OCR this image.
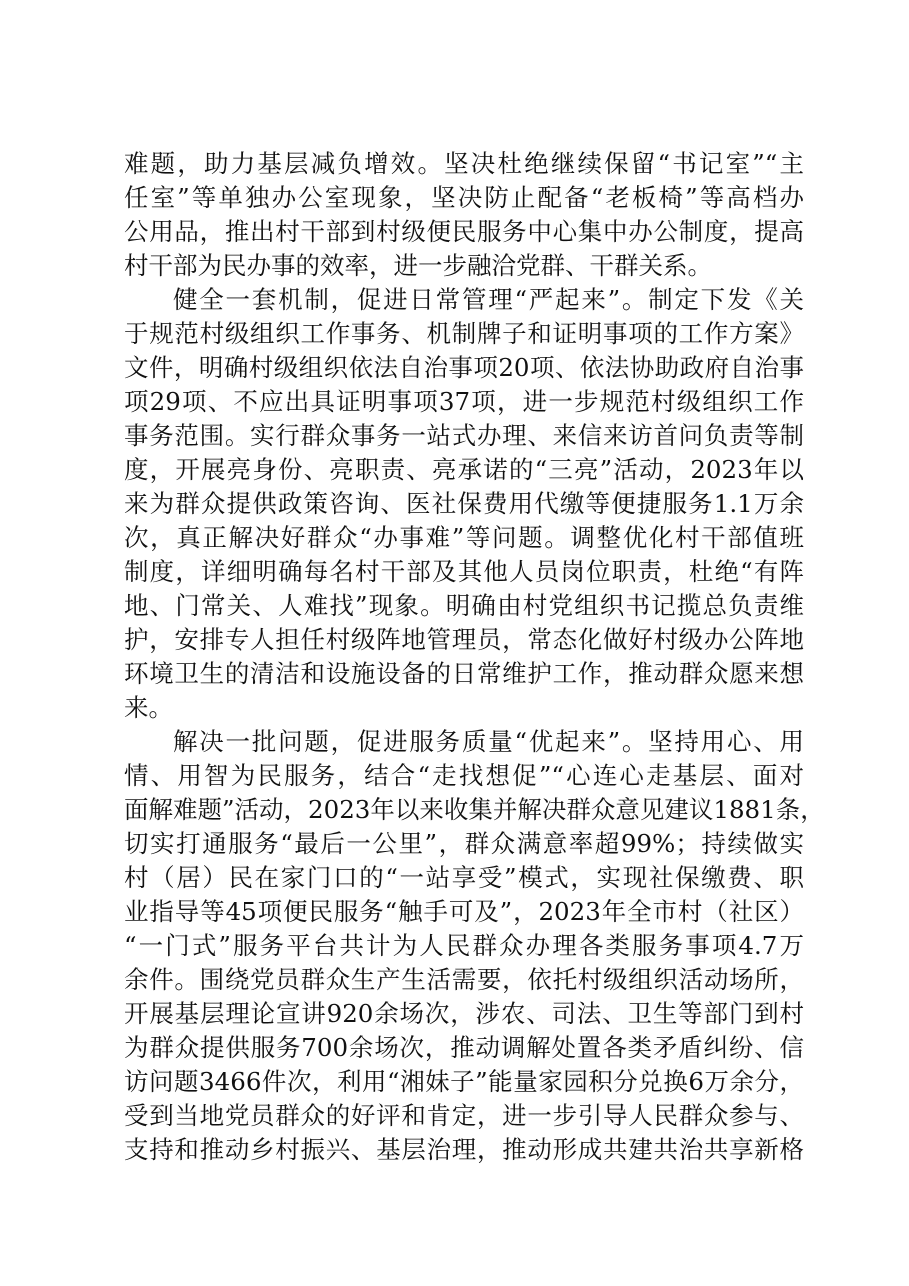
难题，助力基层减负增效。坚决杜绝继续保留“书记室”“主
任室”等单独办公室现象，坚决防止配备“老板椅”等高档办
公用品，推出村干部到村级便民服务中心集中办公制度，提高
村干部为民办事的效率，进一步融洽党群、干群关系。
健全一套机制，促进日常管理“严起来”。制定下发《关
于规范村级组织工作事务、机制牌子和证明事项的工作方案》
文件，明确村级组织依法自治事项20项、依法协助政府自治事
项29项、不应出具证明事项37项，进一步规范村级组织工作
事务范围。实行群众事务一站式办理、来信来访首问负责等制
度，开展亮身份、亮职责、亮承诺的“三亮”活动，2023年以
来为群众提供政策咨询、医社保费用代缴等便捷服务1.1万余
次，真正解决好群众“办事难”等问题。调整优化村干部值班
制度，详细明确每名村干部及其他人员岗位职责，杜绝“有阵
地、门常关、人难找”现象。明确由村党组织书记揽总负责维
护，安排专人担任村级阵地管理员，常态化做好村级办公阵地
环境卫生的清洁和设施设备的日常维护工作，推动群众愿来想
来。
解决一批问题，促进服务质量“优起来”。坚持用心、用
情、用智为民服务，结合“走找想促”“心连心走基层、面对
面解难题”活动，2023年以来收集并解决群众意见建议1881条，
切实打通服务“最后一公里”，群众满意率超99%；持续做实
村（居）民在家门口的“一站享受”模式，实现社保缴费、职
业指导等45项便民服务“触手可及”，2023年全市村（社区）
“一门式”服务平台共计为人民群众办理各类服务事项4.7万
余件。围绕党员群众生产生活需要，依托村级组织活动场所，
开展基层理论宣讲920余场次，涉农、司法、卫生等部门到村
为群众提供服务700余场次，推动调解处置各类矛盾纠纷、信
访问题3466件次，利用“湘妹子”能量家园积分兑换6万余分，
受到当地党员群众的好评和肯定，进一步引导人民群众参与、
支持和推动乡村振兴、基层治理，推动形成共建共治共享新格
